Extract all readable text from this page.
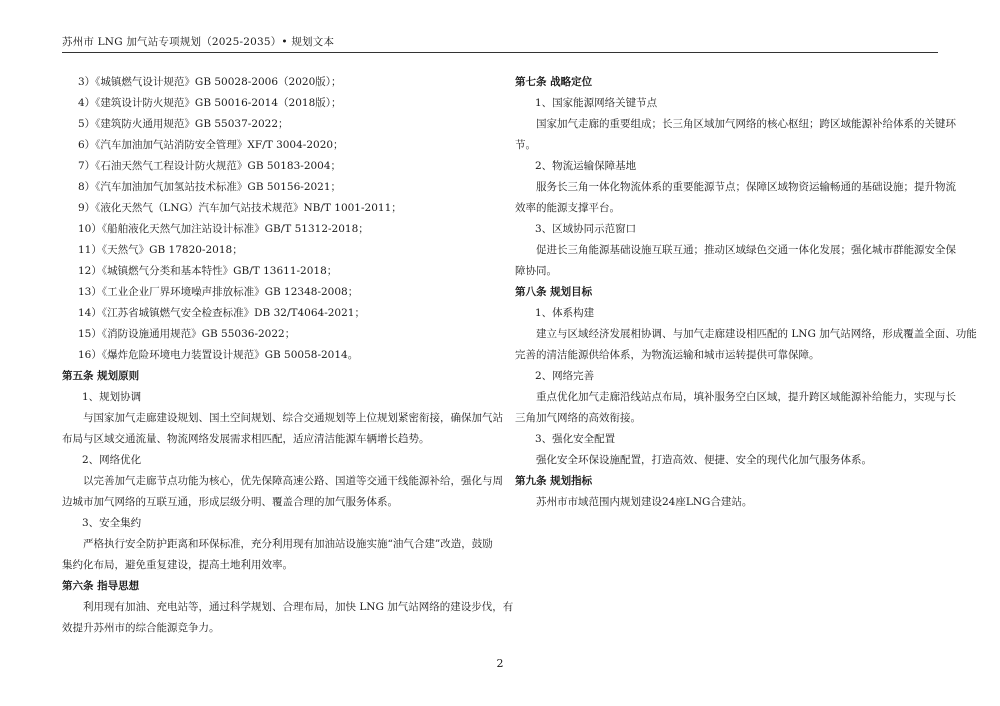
苏州市 LNG 加气站专项规划（2025-2035）• 规划文本
3）《城镇燃气设计规范》GB 50028-2006（2020版）；
4）《建筑设计防火规范》GB 50016-2014（2018版）；
5）《建筑防火通用规范》GB 55037-2022；
6）《汽车加油加气站消防安全管理》XF/T 3004-2020；
7）《石油天然气工程设计防火规范》GB 50183-2004；
8）《汽车加油加气加氢站技术标准》GB 50156-2021；
9）《液化天然气（LNG）汽车加气站技术规范》NB/T 1001-2011；
10）《船舶液化天然气加注站设计标准》GB/T 51312-2018；
11）《天然气》GB 17820-2018；
12）《城镇燃气分类和基本特性》GB/T 13611-2018；
13）《工业企业厂界环境噪声排放标准》GB 12348-2008；
14）《江苏省城镇燃气安全检查标准》DB 32/T4064-2021；
15）《消防设施通用规范》GB 55036-2022；
16）《爆炸危险环境电力装置设计规范》GB 50058-2014。
第五条 规划原则
1、规划协调
与国家加气走廊建设规划、国土空间规划、综合交通规划等上位规划紧密衔接，确保加气站
布局与区域交通流量、物流网络发展需求相匹配，适应清洁能源车辆增长趋势。
2、网络优化
以完善加气走廊节点功能为核心，优先保障高速公路、国道等交通干线能源补给，强化与周
边城市加气网络的互联互通，形成层级分明、覆盖合理的加气服务体系。
3、安全集约
严格执行安全防护距离和环保标准，充分利用现有加油站设施实施“油气合建”改造，鼓励
集约化布局，避免重复建设，提高土地利用效率。
第六条 指导思想
利用现有加油、充电站等，通过科学规划、合理布局，加快 LNG 加气站网络的建设步伐，有
效提升苏州市的综合能源竞争力。
第七条 战略定位
1、国家能源网络关键节点
国家加气走廊的重要组成；长三角区域加气网络的核心枢纽；跨区域能源补给体系的关键环
节。
2、物流运输保障基地
服务长三角一体化物流体系的重要能源节点；保障区域物资运输畅通的基础设施；提升物流
效率的能源支撑平台。
3、区域协同示范窗口
促进长三角能源基础设施互联互通；推动区域绿色交通一体化发展；强化城市群能源安全保
障协同。
第八条 规划目标
1、体系构建
建立与区域经济发展相协调、与加气走廊建设相匹配的 LNG 加气站网络，形成覆盖全面、功能
完善的清洁能源供给体系，为物流运输和城市运转提供可靠保障。
2、网络完善
重点优化加气走廊沿线站点布局，填补服务空白区域，提升跨区域能源补给能力，实现与长
三角加气网络的高效衔接。
3、强化安全配置
强化安全环保设施配置，打造高效、便捷、安全的现代化加气服务体系。
第九条 规划指标
苏州市市域范围内规划建设24座LNG合建站。
2
